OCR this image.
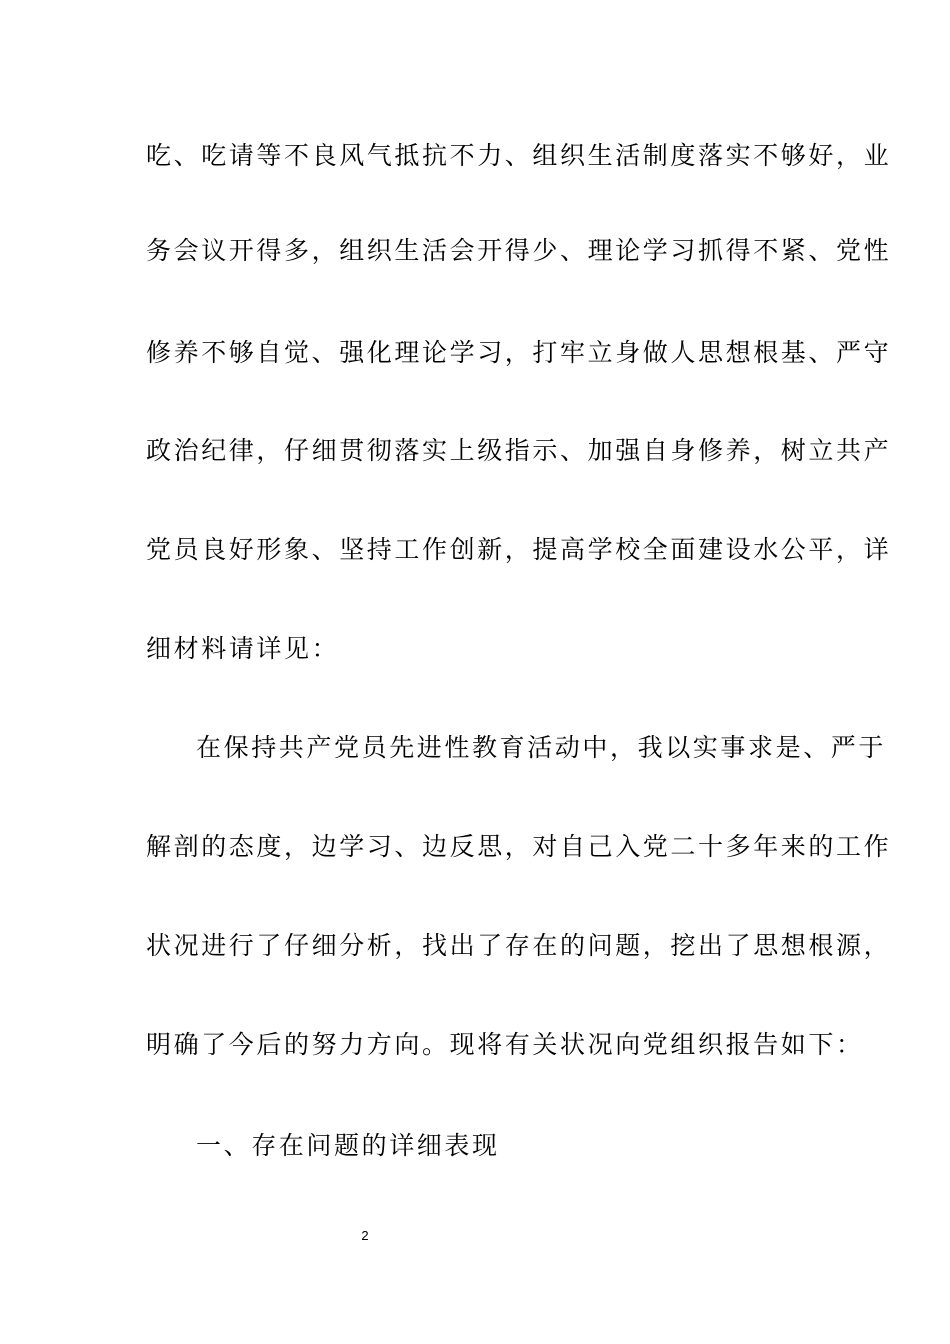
吃、吃请等不良风气抵抗不力、组织生活制度落实不够好，业
务会议开得多，组织生活会开得少、理论学习抓得不紧、党性
修养不够自觉、强化理论学习，打牢立身做人思想根基、严守
政治纪律，仔细贯彻落实上级指示、加强自身修养，树立共产
党员良好形象、坚持工作创新，提高学校全面建设水公平，详
细材料请详见：
在保持共产党员先进性教育活动中，我以实事求是、严于
解剖的态度，边学习、边反思，对自己入党二十多年来的工作
状况进行了仔细分析，找出了存在的问题，挖出了思想根源，
明确了今后的努力方向。现将有关状况向党组织报告如下：
一、存在问题的详细表现
2
